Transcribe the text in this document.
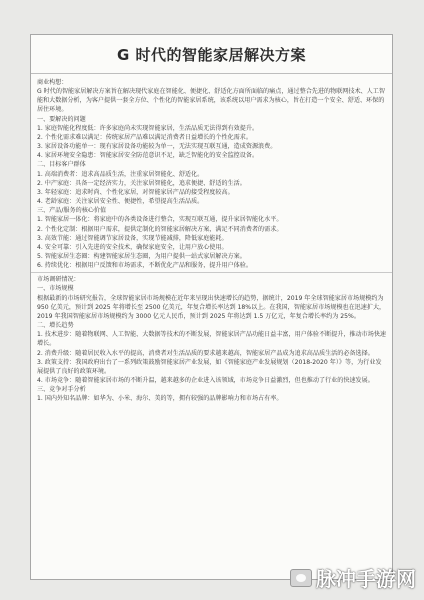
G 时代的智能家居解决方案

商业构想：

G 时代的智能家居解决方案旨在解决现代家庭在智能化、便捷化、舒适化方面所面临的痛点，通过整合先进的物联网技术、人工智能和大数据分析，为客户提供一套全方位、个性化的智能家居系统，该系统以用户需求为核心，旨在打造一个安全、舒适、环保的居住环境。

一、要解决的问题

1. 家庭智能化程度低：许多家庭尚未实现智能家居，生活品质无法得到有效提升。

2. 个性化需求难以满足：传统家居产品难以满足消费者日益增长的个性化需求。

3. 家居设备功能单一：现有家居设备功能较为单一，无法实现互联互通，造成资源浪费。

4. 家居环境安全隐患：智能家居安全防范意识不足，缺乏智能化的安全监控设备。

二、目标客户群体

1. 高端消费者：追求高品质生活，注重家居智能化、舒适化。

2. 中产家庭：具备一定经济实力，关注家居智能化，追求便捷、舒适的生活。

3. 年轻家庭：追求时尚、个性化家居，对智能家居产品的接受程度较高。

4. 老龄家庭：关注家居安全性、便捷性，希望提高生活品质。

三、产品/服务的核心价值

1. 智能家居一体化：将家庭中的各类设备进行整合，实现互联互通，提升家居智能化水平。

2. 个性化定制：根据用户需求，提供定制化的智能家居解决方案，满足不同消费者的需求。

3. 高效节能：通过智能调节家居设备，实现节能减排，降低家庭能耗。

4. 安全可靠：引入先进的安全技术，确保家庭安全，让用户放心使用。

5. 智能家居生态圈：构建智能家居生态圈，为用户提供一站式家居解决方案。

6. 持续优化：根据用户反馈和市场需求，不断优化产品和服务，提升用户体验。

市场调研情况：

一、市场规模

根据最新的市场研究报告，全球智能家居市场规模在近年来呈现出快速增长的趋势，据统计，2019 年全球智能家居市场规模约为 950 亿美元，预计到 2025 年将增长至 2500 亿美元，年复合增长率达到 18%以上。在我国，智能家居市场规模也在迅速扩大，2019 年我国智能家居市场规模约为 3000 亿元人民币，预计到 2025 年将达到 1.5 万亿元，年复合增长率约为 25%。

二、增长趋势

1. 技术进步：随着物联网、人工智能、大数据等技术的不断发展，智能家居产品功能日益丰富，用户体验不断提升，推动市场快速增长。

2. 消费升级：随着居民收入水平的提高，消费者对生活品质的要求越来越高，智能家居产品成为追求高品质生活的必备选择。

3. 政策支持：我国政府出台了一系列政策鼓励智能家居产业发展，如《智能家庭产业发展规划（2018-2020 年）》等，为行业发展提供了良好的政策环境。

4. 市场竞争：随着智能家居市场的不断升温，越来越多的企业进入该领域，市场竞争日益激烈，但也推动了行业的快速发展。

三、竞争对手分析

1. 国内外知名品牌：如华为、小米、海尔、美的等，拥有较强的品牌影响力和市场占有率。

脉冲手游网
